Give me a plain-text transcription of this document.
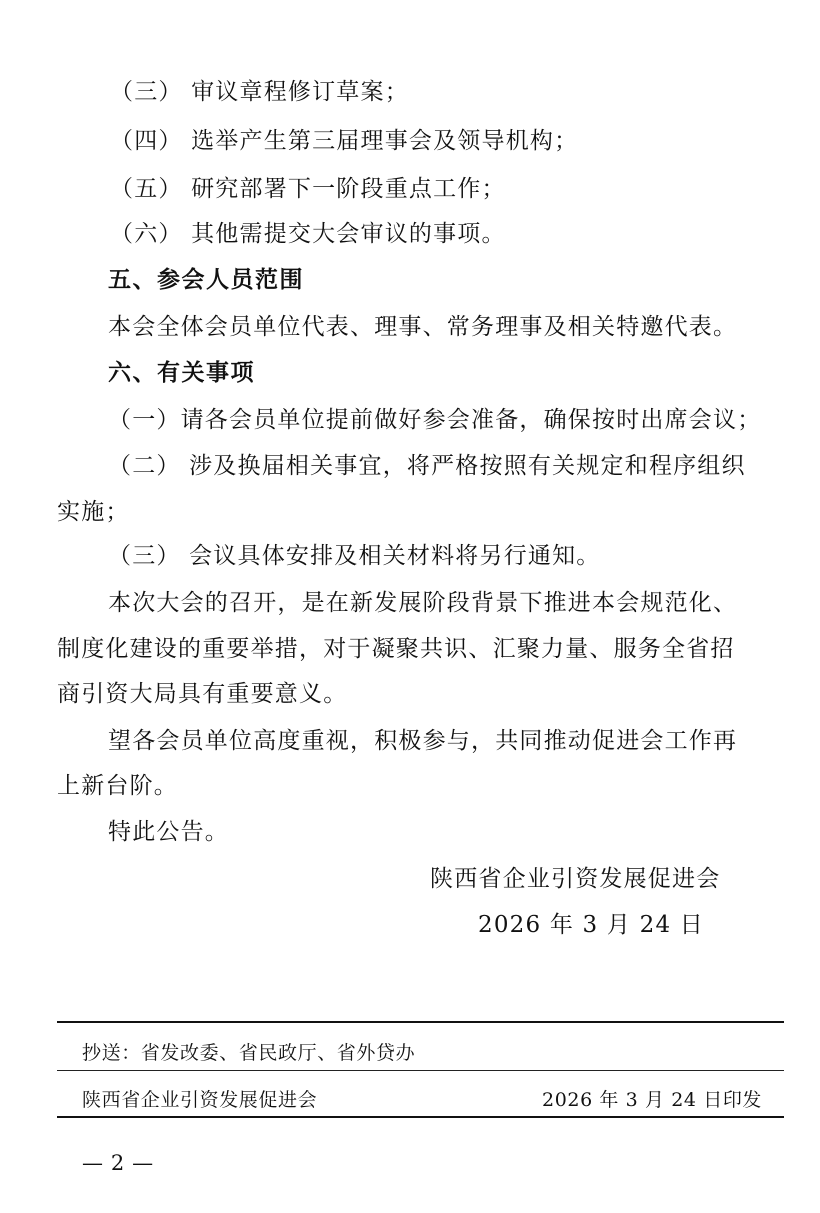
（三） 审议章程修订草案；
（四） 选举产生第三届理事会及领导机构；
（五） 研究部署下一阶段重点工作；
（六） 其他需提交大会审议的事项。
五、参会人员范围
本会全体会员单位代表、理事、常务理事及相关特邀代表。
六、有关事项
（一）请各会员单位提前做好参会准备，确保按时出席会议；
（二） 涉及换届相关事宜，将严格按照有关规定和程序组织
实施；
（三） 会议具体安排及相关材料将另行通知。
本次大会的召开，是在新发展阶段背景下推进本会规范化、
制度化建设的重要举措，对于凝聚共识、汇聚力量、服务全省招
商引资大局具有重要意义。
望各会员单位高度重视，积极参与，共同推动促进会工作再
上新台阶。
特此公告。
陕西省企业引资发展促进会
2026 年 3 月 24 日
抄送：省发改委、省民政厅、省外贷办
陕西省企业引资发展促进会	2026 年 3 月 24 日印发
— 2 —
